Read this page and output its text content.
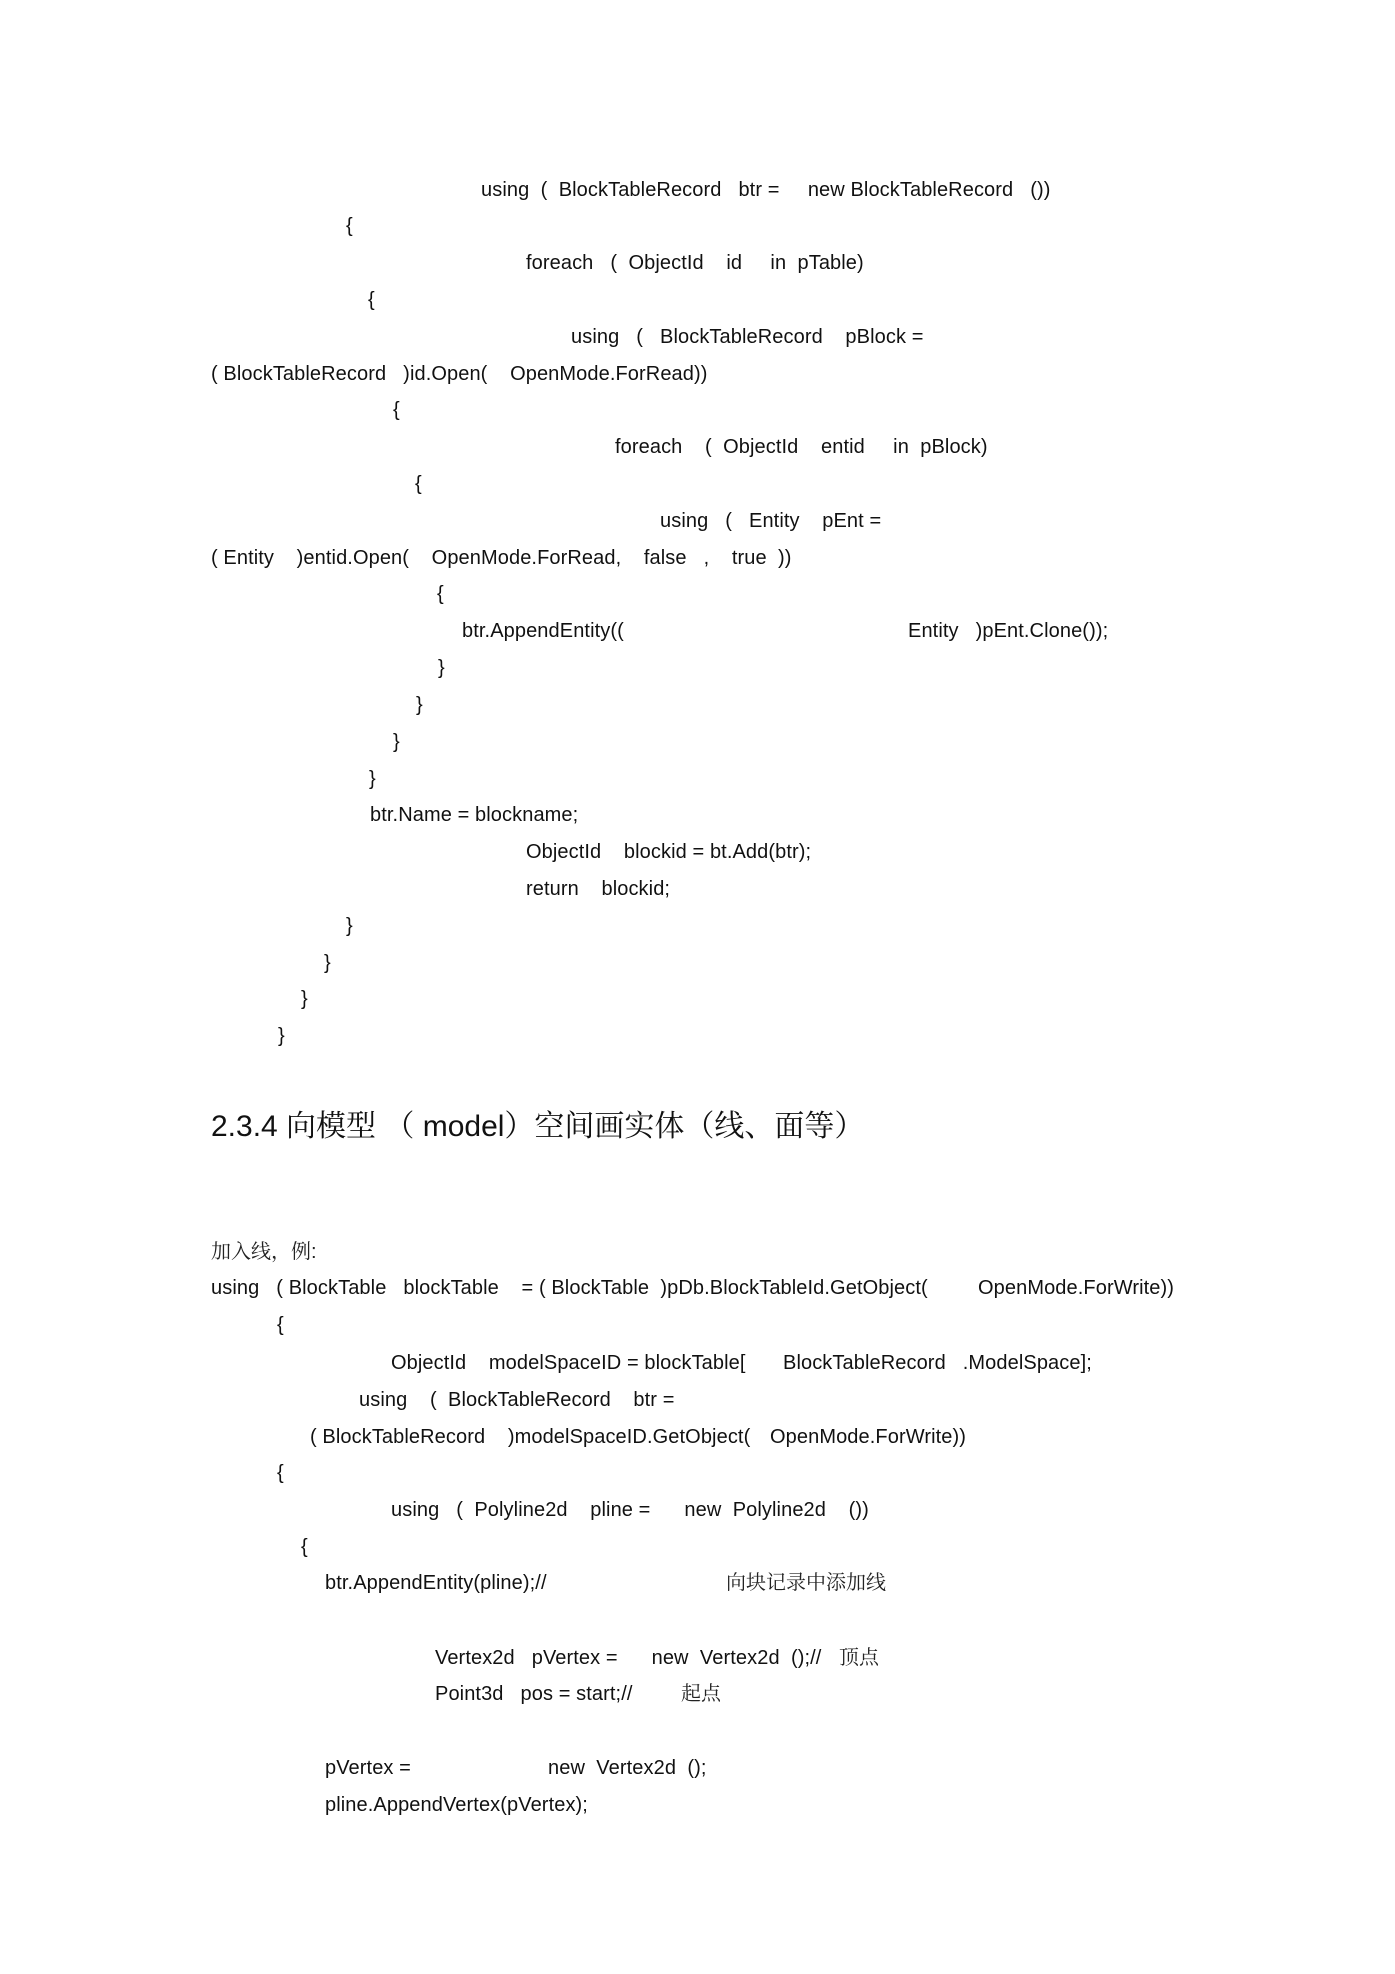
using  (  BlockTableRecord   btr =     new BlockTableRecord   ())
{
foreach   (  ObjectId    id     in  pTable)
{
using   (   BlockTableRecord    pBlock =
( BlockTableRecord   )id.Open(    OpenMode.ForRead))
{
foreach    (  ObjectId    entid     in  pBlock)
{
using   (   Entity    pEnt =
( Entity    )entid.Open(    OpenMode.ForRead,    false   ,    true  ))
{
btr.AppendEntity((	Entity   )pEnt.Clone());
}
}
}
}
btr.Name = blockname;
ObjectId    blockid = bt.Add(btr);
return    blockid;
}
}
}
}
2.3.4 向模型 （ model）空间画实体（线、面等）
加入线，例:
using   ( BlockTable   blockTable    = ( BlockTable  )pDb.BlockTableId.GetObject(	OpenMode.ForWrite))
{
ObjectId    modelSpaceID = blockTable[ BlockTableRecord   .ModelSpace];
using    (  BlockTableRecord    btr =
( BlockTableRecord    )modelSpaceID.GetObject( OpenMode.ForWrite))
{
using   (  Polyline2d    pline =      new  Polyline2d    ())
{
btr.AppendEntity(pline);//	向块记录中添加线
Vertex2d   pVertex =      new  Vertex2d  ();// 顶点
Point3d   pos = start;// 起点
pVertex =	new  Vertex2d  ();
pline.AppendVertex(pVertex);
